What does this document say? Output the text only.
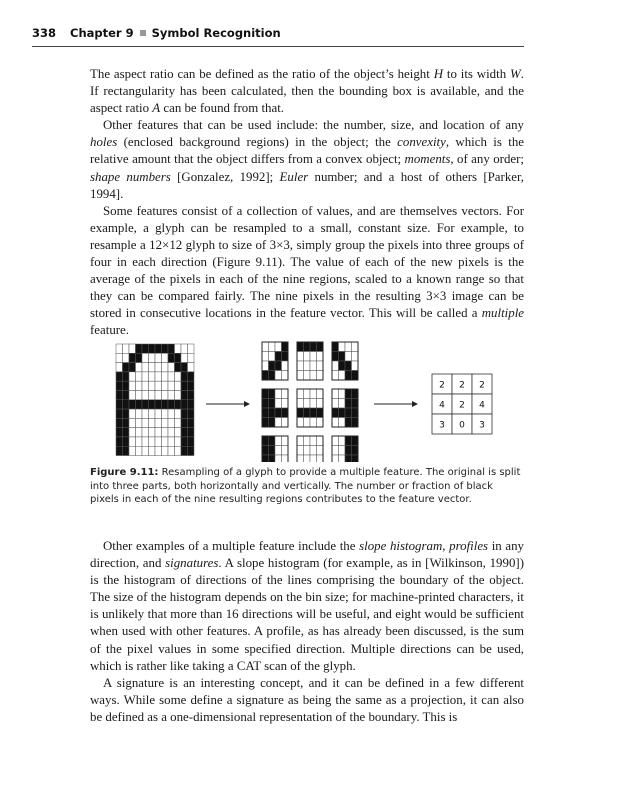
338 Chapter 9 Symbol Recognition

The aspect ratio can be defined as the ratio of the object’s height H to its width W. If rectangularity has been calculated, then the bounding box is available, and the aspect ratio A can be found from that.

Other features that can be used include: the number, size, and location of any holes (enclosed background regions) in the object; the convexity, which is the relative amount that the object differs from a convex object; moments, of any order; shape numbers [Gonzalez, 1992]; Euler number; and a host of others [Parker, 1994].

Some features consist of a collection of values, and are themselves vectors. For example, a glyph can be resampled to a small, constant size. For example, to resample a 12×12 glyph to size of 3×3, simply group the pixels into three groups of four in each direction (Figure 9.11). The value of each of the new pixels is the average of the pixels in each of the nine regions, scaled to a known range so that they can be compared fairly. The nine pixels in the resulting 3×3 image can be stored in consecutive locations in the feature vector. This will be called a multiple feature.

2 2 2
4 2 4
3 0 3
Figure 9.11: Resampling of a glyph to provide a multiple feature. The original is split into three parts, both horizontally and vertically. The number or fraction of black pixels in each of the nine resulting regions contributes to the feature vector.

Other examples of a multiple feature include the slope histogram, profiles in any direction, and signatures. A slope histogram (for example, as in [Wilkinson, 1990]) is the histogram of directions of the lines comprising the boundary of the object. The size of the histogram depends on the bin size; for machine-printed characters, it is unlikely that more than 16 directions will be useful, and eight would be sufficient when used with other features. A profile, as has already been discussed, is the sum of the pixel values in some specified direction. Multiple directions can be used, which is rather like taking a CAT scan of the glyph.

A signature is an interesting concept, and it can be defined in a few different ways. While some define a signature as being the same as a projection, it can also be defined as a one-dimensional representation of the boundary. This is
